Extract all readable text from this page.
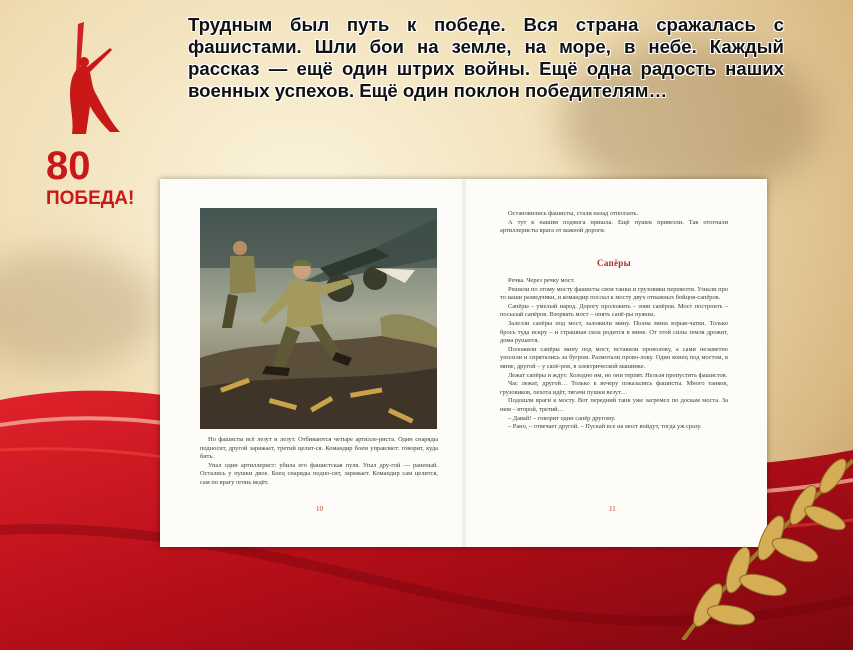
80
ПОБЕДА!
Трудным был путь к победе. Вся страна сражалась с фашистами. Шли бои на земле, на море, в небе. Каждый рассказ — ещё один штрих войны. Ещё одна радость наших военных успехов. Ещё один поклон победителям…

Но фашисты всё лезут и лезут. Отбиваются четыре артилле-ристa. Один снаряды подносит, другой заряжает, третий целит-ся. Командир боем управляет: говорит, куда бить.

Упал один артиллерист: убила его фашистская пуля. Упал дру-гой — раненый. Остались у пушки двое. Боец снаряды подно-сит, заряжает. Командир сам целится, сам по врагу огонь ведёт.

10

Остановились фашисты, стали назад отползать.

А тут к нашим подмога пришла. Ещё пушек привезли. Так отогнали артиллеристы врага от важной дороги.

Сапёры

Речка. Через речку мост.

Решили по этому мосту фашисты свои танки и грузовики перевезти. Узнали про то наши разведчики, и командир послал к мосту двух отважных бойцов-сапёров.

Сапёры – умелый народ. Дорогу проложить – зови сапёров. Мост построить – посылай сапёров. Взорвать мост – опять сапё-ры нужны.

Залезли сапёры под мост, заложили мину. Полна мина взрыв-чатки. Только брось туда искру – и страшная сила родится в мине. От этой силы земля дрожит, дома рушатся.

Положили сапёры мину под мост, вставили проволоку, а сами незаметно уползли и спрятались за бугром. Размотали прово-локу. Один конец под мостом, в мине, другой – у сапё-ров, в электрической машинке.

Лежат сапёры и ждут. Холодно им, но они терпят. Нельзя пропустить фашистов.

Час лежат, другой… Только к вечеру показались фашисты. Много танков, грузовиков, пехота идёт, тягачи пушки везут…

Подошли враги к мосту. Вот передний танк уже загремел по доскам моста. За ним – второй, третий…

– Давай! – говорит один сапёр другому.

– Рано, – отвечает другой. – Пускай все на мост войдут, тогда уж сразу.

11
